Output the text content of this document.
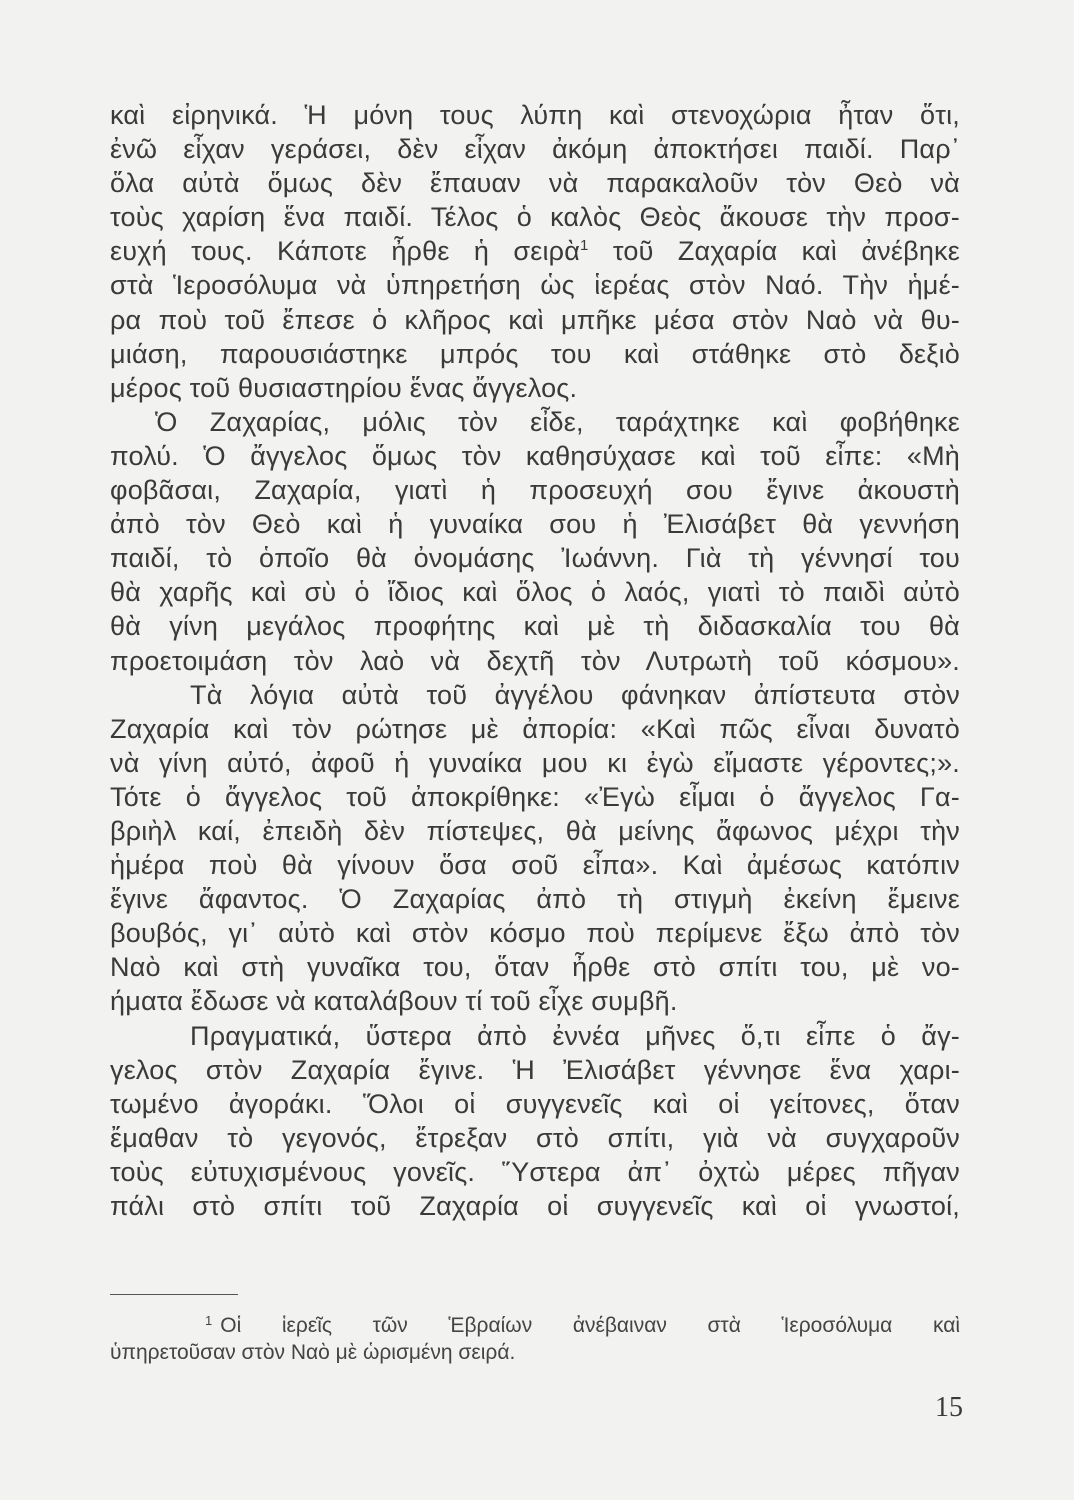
καὶ εἰρηνικά. Ἡ μόνη τους λύπη καὶ στενοχώρια ἦταν ὅτι,
ἐνῶ εἶχαν γεράσει, δὲν εἶχαν ἀκόμη ἀποκτήσει παιδί. Παρ᾽
ὅλα αὐτὰ ὅμως δὲν ἔπαυαν νὰ παρακαλοῦν τὸν Θεὸ νὰ
τοὺς χαρίση ἕνα παιδί. Τέλος ὁ καλὸς Θεὸς ἄκουσε τὴν προσ-
ευχή τους. Κάποτε ἦρθε ἡ σειρὰ$^1$ τοῦ Ζαχαρία καὶ ἀνέβηκε
στὰ Ἱεροσόλυμα νὰ ὑπηρετήση ὡς ἱερέας στὸν Ναό. Τὴν ἡμέ-
ρα ποὺ τοῦ ἔπεσε ὁ κλῆρος καὶ μπῆκε μέσα στὸν Ναὸ νὰ θυ-
μιάση, παρουσιάστηκε μπρός του καὶ στάθηκε στὸ δεξιὸ
μέρος τοῦ θυσιαστηρίου ἕνας ἄγγελος.
Ὁ Ζαχαρίας, μόλις τὸν εἶδε, ταράχτηκε καὶ φοβήθηκε
πολύ. Ὁ ἄγγελος ὅμως τὸν καθησύχασε καὶ τοῦ εἶπε: «Μὴ
φοβᾶσαι, Ζαχαρία, γιατὶ ἡ προσευχή σου ἔγινε ἀκουστὴ
ἀπὸ τὸν Θεὸ καὶ ἡ γυναίκα σου ἡ Ἐλισάβετ θὰ γεννήση
παιδί, τὸ ὁποῖο θὰ ὀνομάσης Ἰωάννη. Γιὰ τὴ γέννησί του
θὰ χαρῆς καὶ σὺ ὁ ἴδιος καὶ ὅλος ὁ λαός, γιατὶ τὸ παιδὶ αὐτὸ
θὰ γίνη μεγάλος προφήτης καὶ μὲ τὴ διδασκαλία του θὰ
προετοιμάση τὸν λαὸ νὰ δεχτῆ τὸν Λυτρωτὴ τοῦ κόσμου».
Τὰ λόγια αὐτὰ τοῦ ἀγγέλου φάνηκαν ἀπίστευτα στὸν
Ζαχαρία καὶ τὸν ρώτησε μὲ ἀπορία: «Καὶ πῶς εἶναι δυνατὸ
νὰ γίνη αὐτό, ἀφοῦ ἡ γυναίκα μου κι ἐγὼ εἴμαστε γέροντες;».
Τότε ὁ ἄγγελος τοῦ ἀποκρίθηκε: «Ἐγὼ εἶμαι ὁ ἄγγελος Γα-
βριὴλ καί, ἐπειδὴ δὲν πίστεψες, θὰ μείνης ἄφωνος μέχρι τὴν
ἡμέρα ποὺ θὰ γίνουν ὅσα σοῦ εἶπα». Καὶ ἀμέσως κατόπιν
ἔγινε ἄφαντος. Ὁ Ζαχαρίας ἀπὸ τὴ στιγμὴ ἐκείνη ἔμεινε
βουβός, γι᾽ αὐτὸ καὶ στὸν κόσμο ποὺ περίμενε ἔξω ἀπὸ τὸν
Ναὸ καὶ στὴ γυναῖκα του, ὅταν ἦρθε στὸ σπίτι του, μὲ νο-
ήματα ἔδωσε νὰ καταλάβουν τί τοῦ εἶχε συμβῆ.
Πραγματικά, ὕστερα ἀπὸ ἐννέα μῆνες ὅ,τι εἶπε ὁ ἄγ-
γελος στὸν Ζαχαρία ἔγινε. Ἡ Ἐλισάβετ γέννησε ἕνα χαρι-
τωμένο ἀγοράκι. Ὅλοι οἱ συγγενεῖς καὶ οἱ γείτονες, ὅταν
ἔμαθαν τὸ γεγονός, ἔτρεξαν στὸ σπίτι, γιὰ νὰ συγχαροῦν
τοὺς εὐτυχισμένους γονεῖς. Ὕστερα ἀπ᾽ ὀχτὼ μέρες πῆγαν
πάλι στὸ σπίτι τοῦ Ζαχαρία οἱ συγγενεῖς καὶ οἱ γνωστοί,
$^1$ Οἱ ἱερεῖς τῶν Ἑβραίων ἀνέβαιναν στὰ Ἱεροσόλυμα καὶ
ὑπηρετοῦσαν στὸν Ναὸ μὲ ὡρισμένη σειρά.
15
